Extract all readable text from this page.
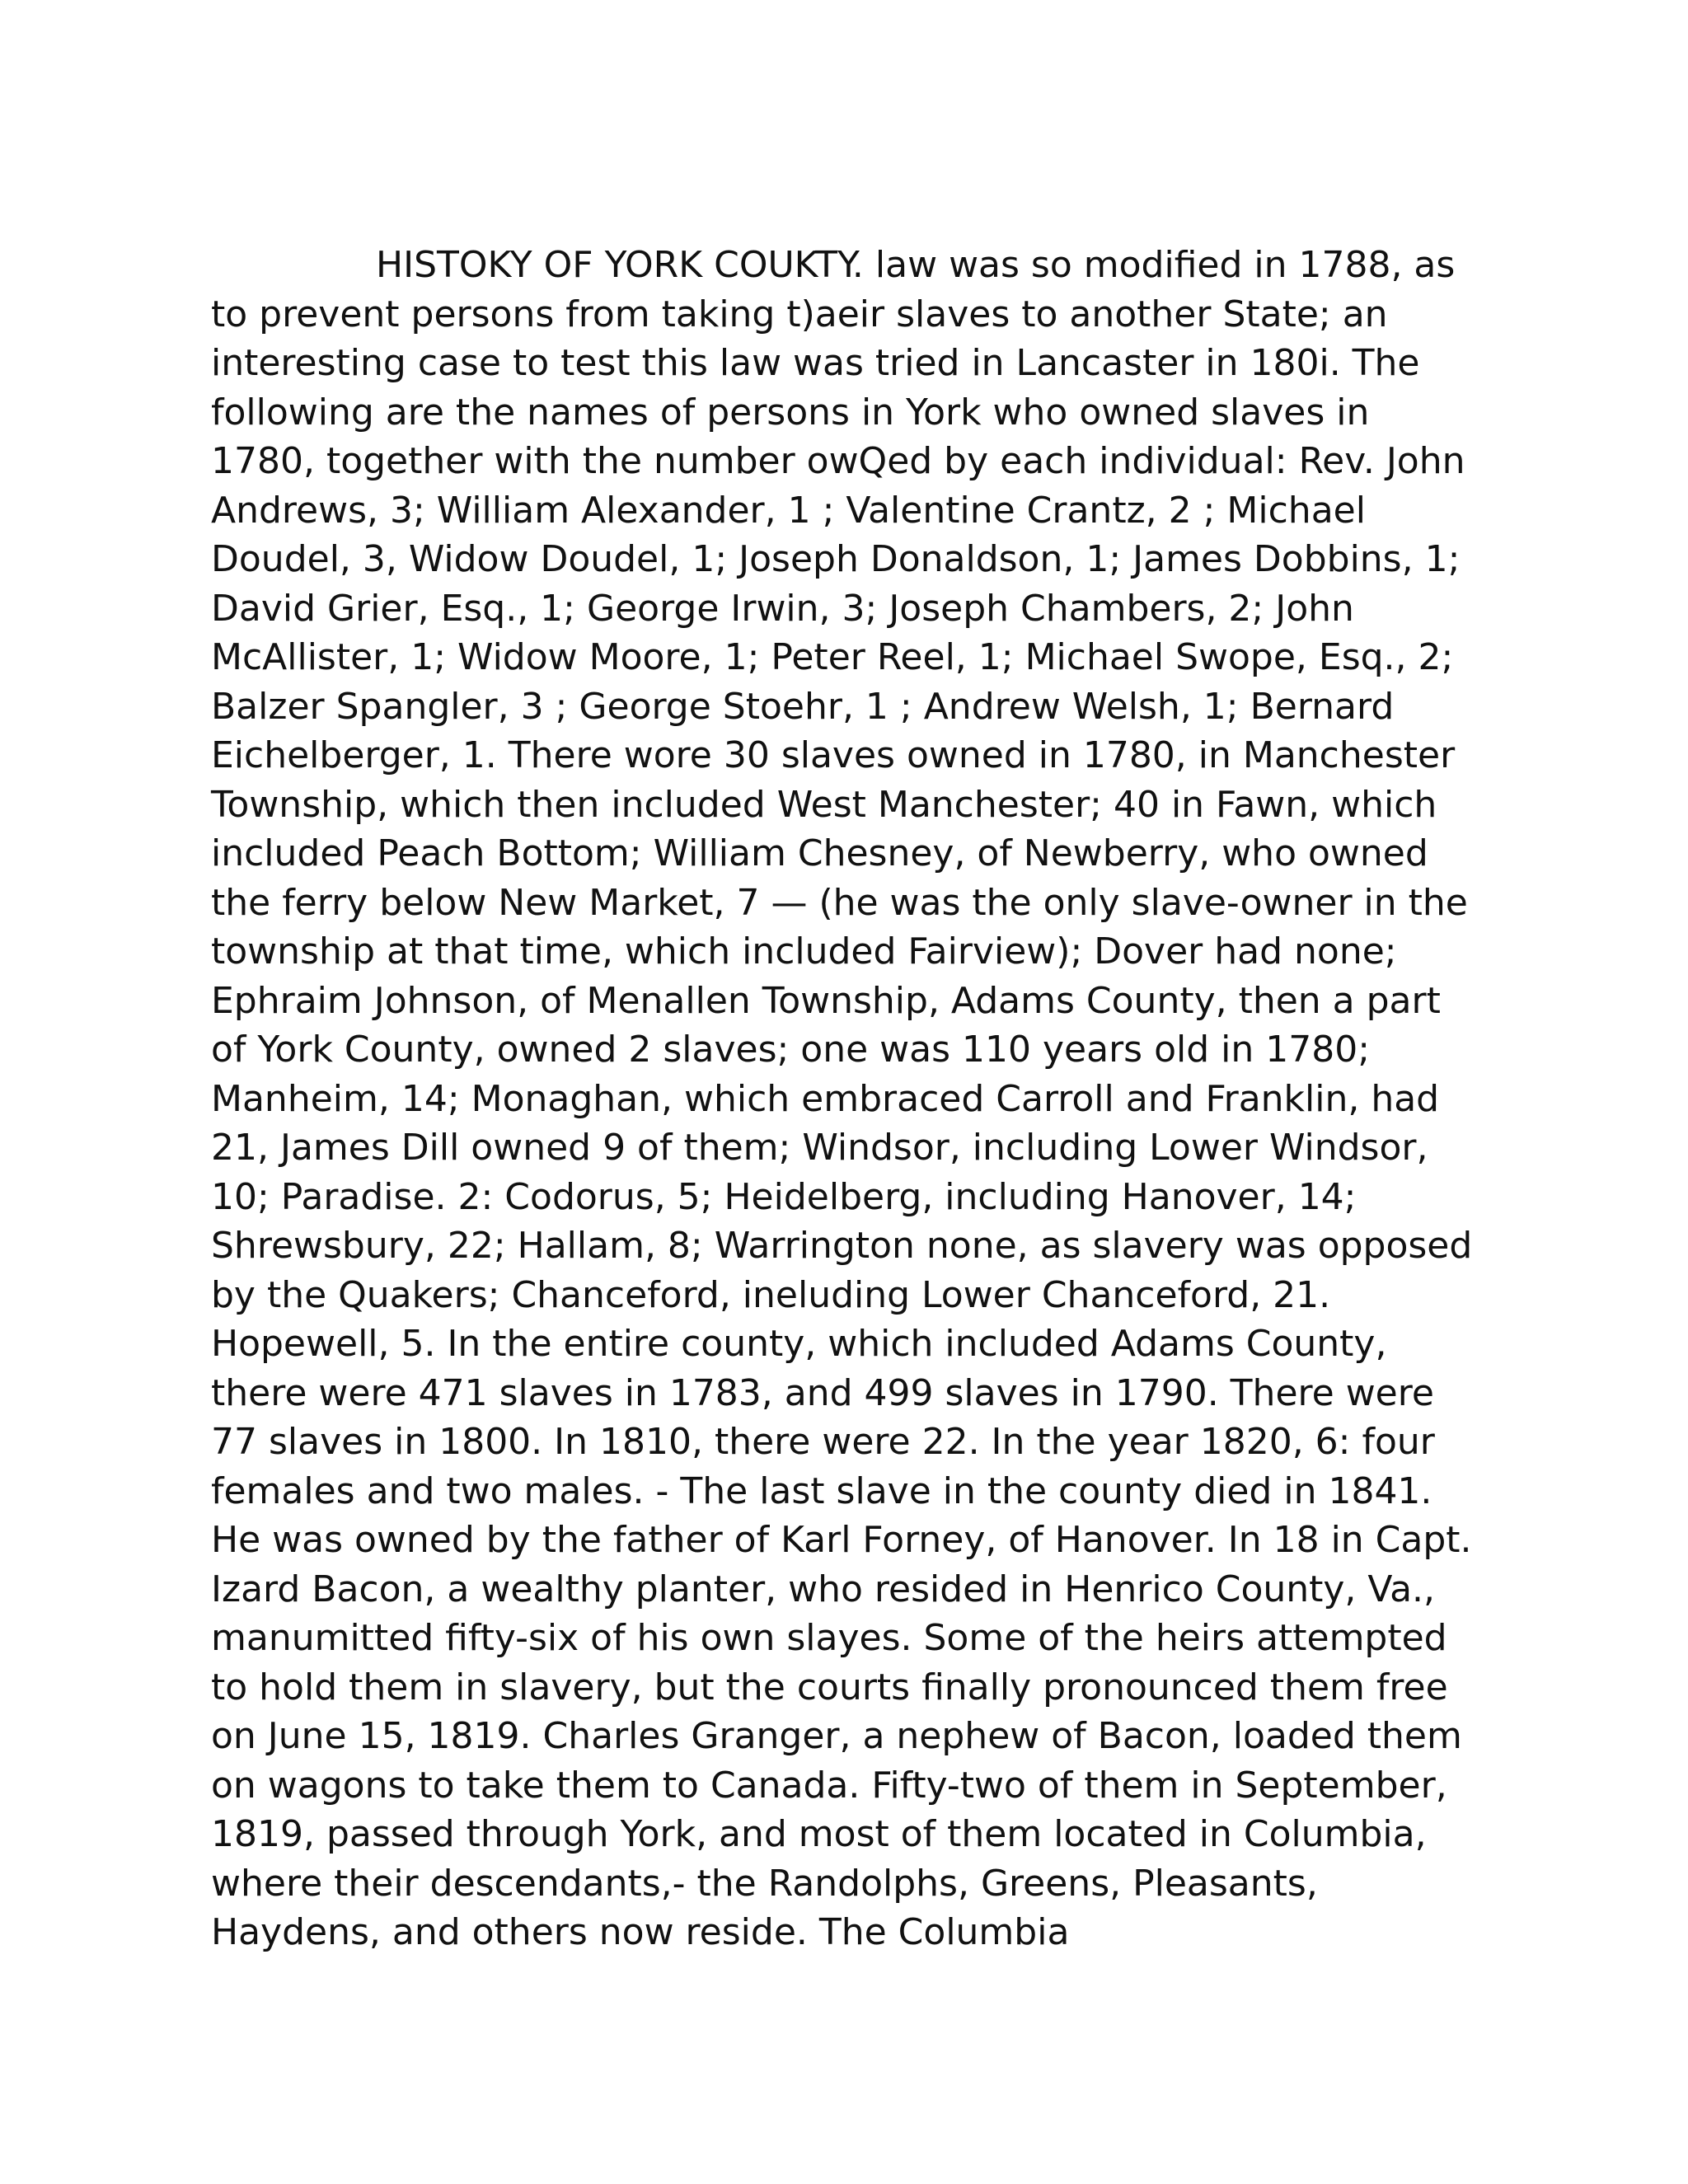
HISTOKY OF YORK COUKTY. law was so modified in 1788, as to prevent persons from taking t)aeir slaves to another State; an interesting case to test this law was tried in Lancaster in 180i. The following are the names of persons in York who owned slaves in 1780, together with the number owQed by each individual: Rev. John Andrews, 3; William Alexander, 1 ; Valentine Crantz, 2 ; Michael Doudel, 3, Widow Doudel, 1; Joseph Donaldson, 1; James Dobbins, 1; David Grier, Esq., 1; George Irwin, 3; Joseph Chambers, 2; John McAllister, 1; Widow Moore, 1; Peter Reel, 1; Michael Swope, Esq., 2; Balzer Spangler, 3 ; George Stoehr, 1 ; Andrew Welsh, 1; Bernard Eichelberger, 1. There wore 30 slaves owned in 1780, in Manchester Township, which then included West Manchester; 40 in Fawn, which included Peach Bottom; William Chesney, of Newberry, who owned the ferry below New Market, 7 — (he was the only slave-owner in the township at that time, which included Fairview); Dover had none; Ephraim Johnson, of Menallen Township, Adams County, then a part of York County, owned 2 slaves; one was 110 years old in 1780; Manheim, 14; Monaghan, which embraced Carroll and Franklin, had 21, James Dill owned 9 of them; Windsor, including Lower Windsor, 10; Paradise. 2: Codorus, 5; Heidelberg, including Hanover, 14; Shrewsbury, 22; Hallam, 8; Warrington none, as slavery was opposed by the Quakers; Chanceford, ineluding Lower Chanceford, 21. Hopewell, 5. In the entire county, which included Adams County, there were 471 slaves in 1783, and 499 slaves in 1790. There were 77 slaves in 1800. In 1810, there were 22. In the year 1820, 6: four females and two males. - The last slave in the county died in 1841. He was owned by the father of Karl Forney, of Hanover. In 18 in Capt. Izard Bacon, a wealthy planter, who resided in Henrico County, Va., manumitted fifty-six of his own slayes. Some of the heirs attempted to hold them in slavery, but the courts finally pronounced them free on June 15, 1819. Charles Granger, a nephew of Bacon, loaded them on wagons to take them to Canada. Fifty-two of them in September, 1819, passed through York, and most of them located in Columbia, where their descendants,- the Randolphs, Greens, Pleasants, Haydens, and others now reside. The Columbia
